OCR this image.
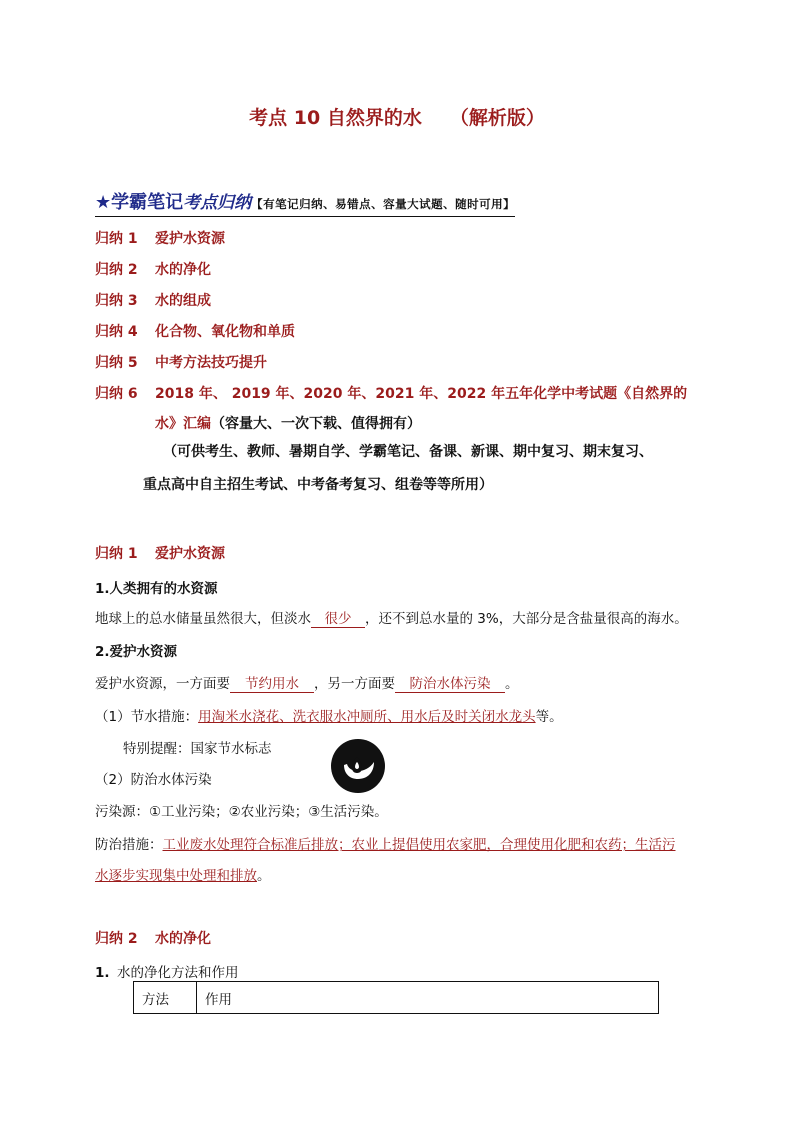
考点 10 自然界的水 （解析版）
★学霸笔记考点归纳【有笔记归纳、易错点、容量大试题、随时可用】
归纳 1 爱护水资源
归纳 2 水的净化
归纳 3 水的组成
归纳 4 化合物、氧化物和单质
归纳 5 中考方法技巧提升
归纳 6 2018 年、 2019 年、2020 年、2021 年、2022 年五年化学中考试题《自然界的
水》汇编（容量大、一次下载、值得拥有）
（可供考生、教师、暑期自学、学霸笔记、备课、新课、期中复习、期末复习、
重点高中自主招生考试、中考备考复习、组卷等等所用）
归纳 1 爱护水资源
1.人类拥有的水资源
地球上的总水储量虽然很大，但淡水 很少 ，还不到总水量的 3%，大部分是含盐量很高的海水。
2.爱护水资源
爱护水资源，一方面要 节约用水 ，另一方面要 防治水体污染 。
（1）节水措施：用淘米水浇花、洗衣服水冲厕所、用水后及时关闭水龙头等。
特别提醒：国家节水标志
（2）防治水体污染
污染源：①工业污染；②农业污染；③生活污染。
防治措施：工业废水处理符合标准后排放；农业上提倡使用农家肥，合理使用化肥和农药；生活污
水逐步实现集中处理和排放。
归纳 2 水的净化
1. 水的净化方法和作用
方法	作用
